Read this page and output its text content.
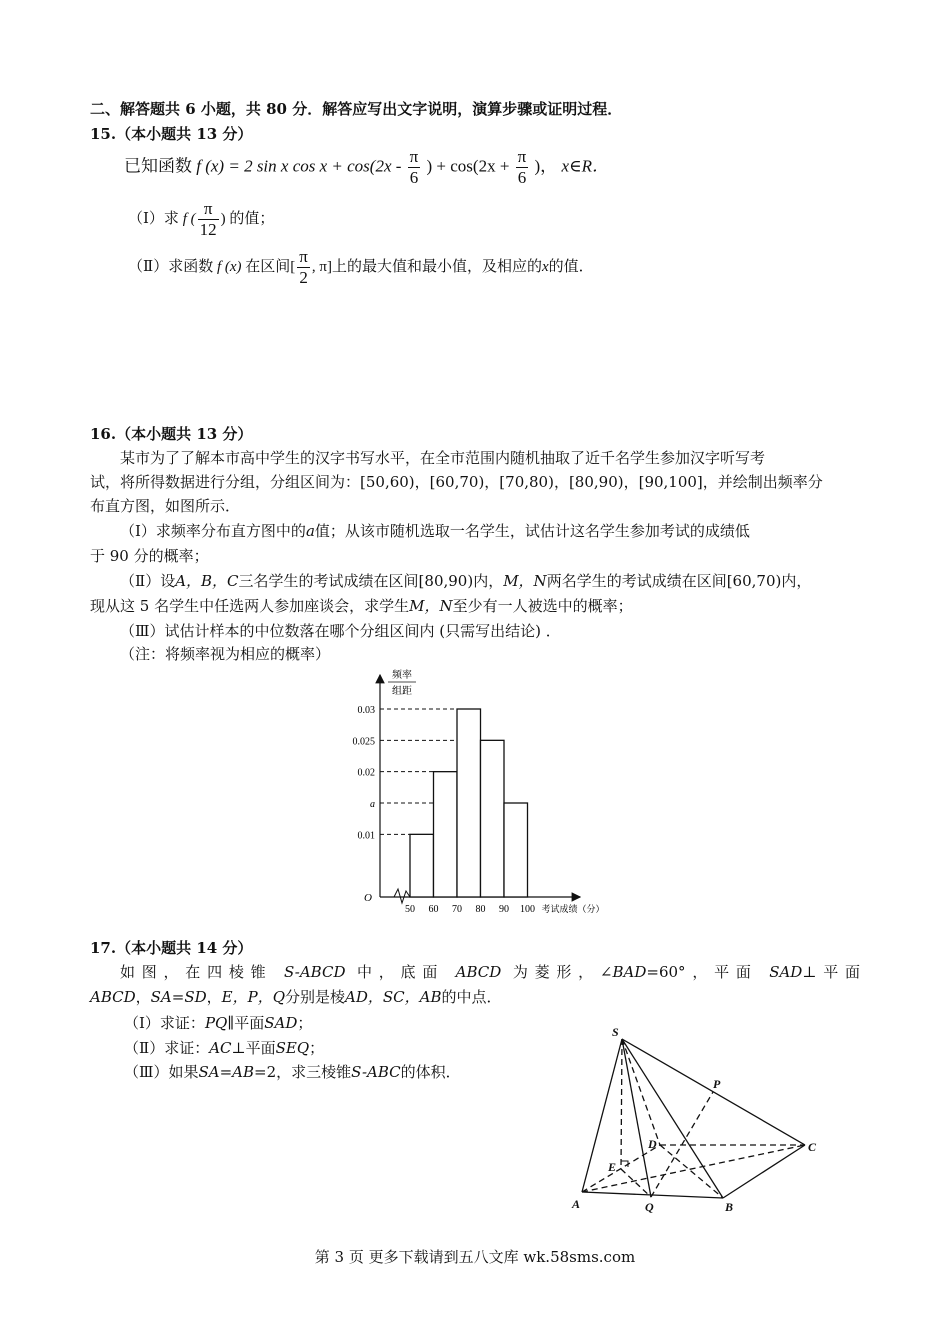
二、解答题共 6 小题，共 80 分．解答应写出文字说明，演算步骤或证明过程．
15.（本小题共 13 分）
已知函数 f (x) = 2 sin x $\cos x + \cos(2x - \frac{\pi}{6}$ ) + $\cos(2x + \frac{\pi}{6}$ )， x∈R．
（Ⅰ）求 f ( $\frac{\pi}{12}$ ) 的值；
（Ⅱ）求函数 f (x) 在区间[ $\frac{\pi}{2}$ , π]上的最大值和最小值，及相应的x的值．
16.（本小题共 13 分）
某市为了了解本市高中学生的汉字书写水平，在全市范围内随机抽取了近千名学生参加汉字听写考
试，将所得数据进行分组，分组区间为：[50,60)，[60,70)，[70,80)，[80,90)，[90,100]，并绘制出频率分
布直方图，如图所示．
（Ⅰ）求频率分布直方图中的a值；从该市随机选取一名学生，试估计这名学生参加考试的成绩低
于 90 分的概率；
（Ⅱ）设A，B，C三名学生的考试成绩在区间[80,90)内，M，N两名学生的考试成绩在区间[60,70)内，
现从这 5 名学生中任选两人参加座谈会，求学生M，N至少有一人被选中的概率；
（Ⅲ）试估计样本的中位数落在哪个分组区间内 (只需写出结论) ．
（注：将频率视为相应的概率）
频率
组距
O
0.03
0.025
0.02
a
0.01
50 60 70 80 90 100 考试成绩（分）
17.（本小题共 14 分）
如图，在四棱锥 S-ABCD 中，底面 ABCD 为菱形，∠BAD=60°，平面 SAD⊥平面
ABCD，SA=SD，E，P，Q分别是棱AD，SC，AB的中点．
（Ⅰ）求证：PQ∥平面SAD；
（Ⅱ）求证：AC⊥平面SEQ；
（Ⅲ）如果SA=AB=2，求三棱锥S-ABC的体积．
S
P
D	C
E
A	Q	B
第 3 页 更多下载请到五八文库 wk.58sms.com
